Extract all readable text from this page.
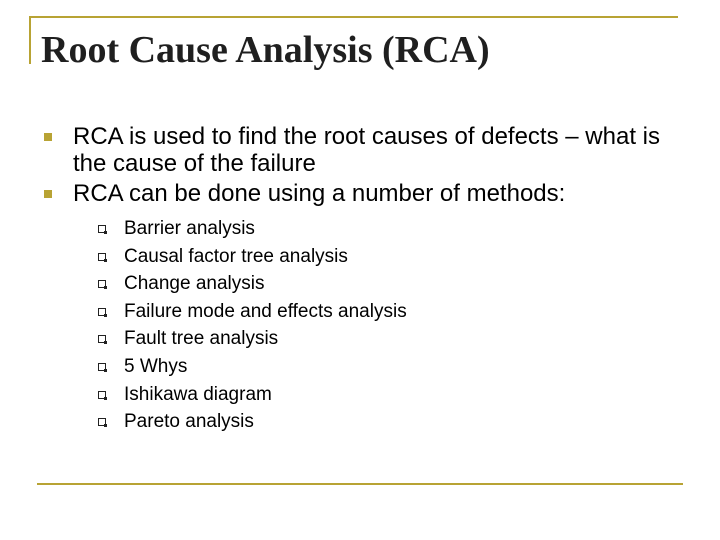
Root Cause Analysis (RCA)
RCA is used to find the root causes of defects – what is the cause of the failure
RCA can be done using a number of methods:
Barrier analysis
Causal factor tree analysis
Change analysis
Failure mode and effects analysis
Fault tree analysis
5 Whys
Ishikawa diagram
Pareto analysis
